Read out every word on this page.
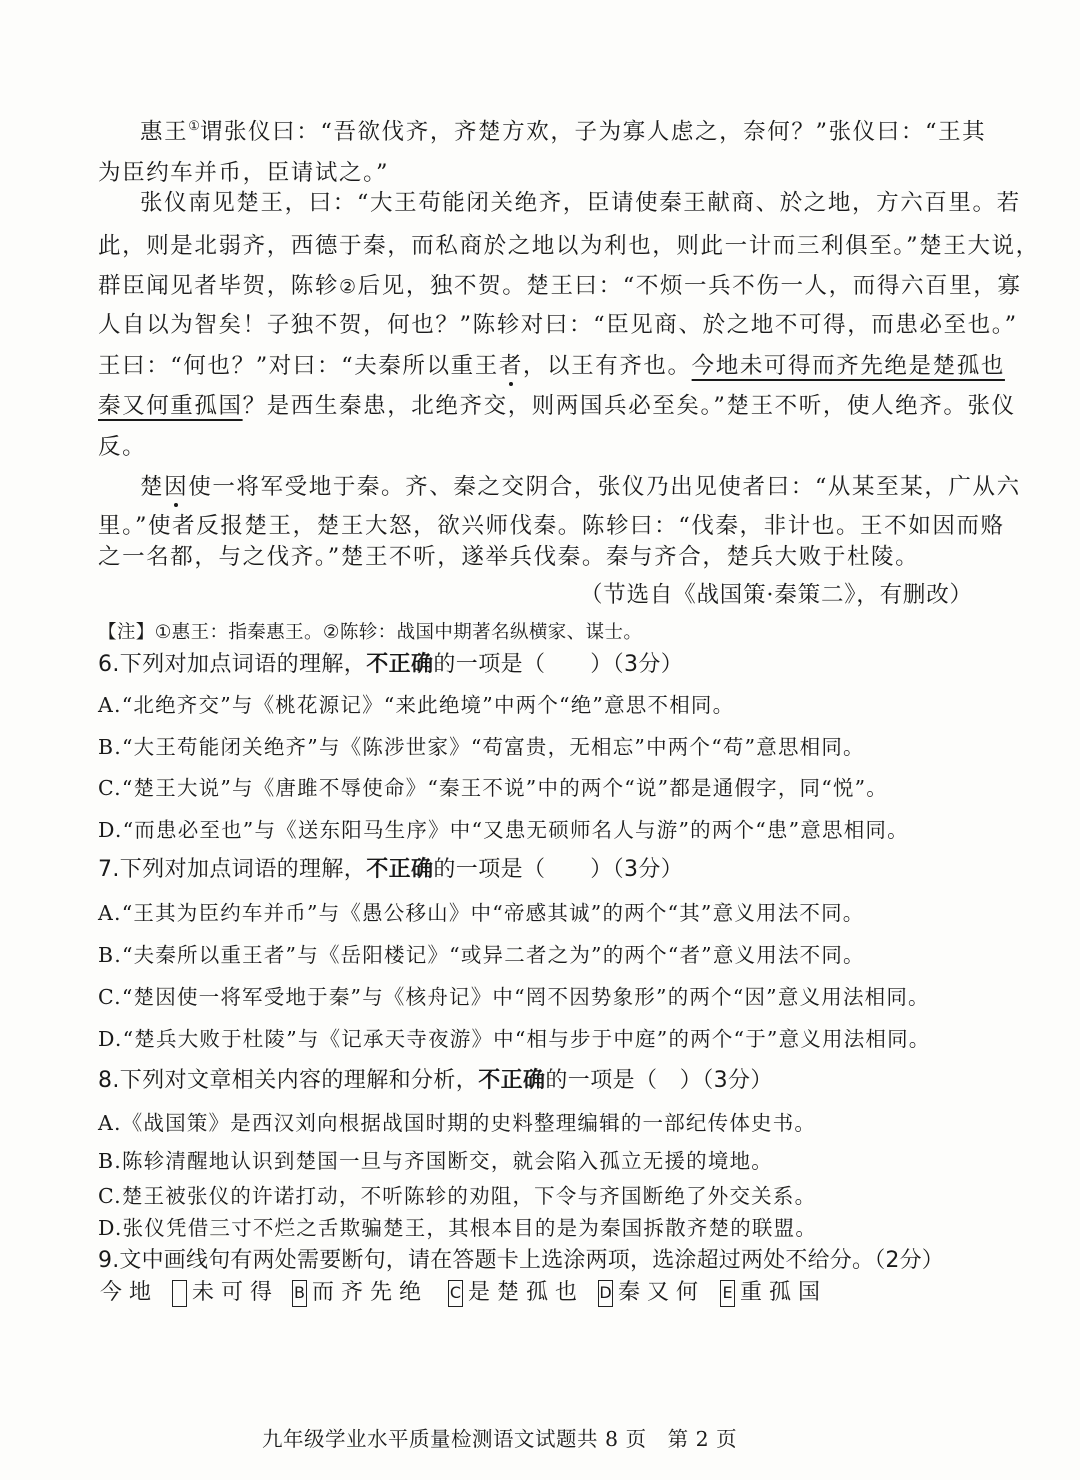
惠王①谓张仪曰：“吾欲伐齐，齐楚方欢，子为寡人虑之，奈何？”张仪曰：“王其
为臣约车并币，臣请试之。”
张仪南见楚王，曰：“大王苟能闭关绝齐，臣请使秦王献商、於之地，方六百里。若
此，则是北弱齐，西德于秦，而私商於之地以为利也，则此一计而三利俱至。”楚王大说，
群臣闻见者毕贺，陈轸②后见，独不贺。楚王曰：“不烦一兵不伤一人，而得六百里，寡
人自以为智矣！子独不贺，何也？”陈轸对曰：“臣见商、於之地不可得，而患必至也。”
王曰：“何也？”对曰：“夫秦所以重王者，以王有齐也。今地未可得而齐先绝是楚孤也
秦又何重孤国？是西生秦患，北绝齐交，则两国兵必至矣。”楚王不听，使人绝齐。张仪
反。
楚因使一将军受地于秦。齐、秦之交阴合，张仪乃出见使者曰：“从某至某，广从六
里。”使者反报楚王，楚王大怒，欲兴师伐秦。陈轸曰：“伐秦，非计也。王不如因而赂
之一名都，与之伐齐。”楚王不听，遂举兵伐秦。秦与齐合，楚兵大败于杜陵。
（节选自《战国策·秦策二》，有删改）
【注】①惠王：指秦惠王。②陈轸：战国中期著名纵横家、谋士。
6.下列对加点词语的理解，不正确的一项是（　　）（3分）
A.“北绝齐交”与《桃花源记》“来此绝境”中两个“绝”意思不相同。
B.“大王苟能闭关绝齐”与《陈涉世家》“苟富贵，无相忘”中两个“苟”意思相同。
C.“楚王大说”与《唐雎不辱使命》“秦王不说”中的两个“说”都是通假字，同“悦”。
D.“而患必至也”与《送东阳马生序》中“又患无硕师名人与游”的两个“患”意思相同。
7.下列对加点词语的理解，不正确的一项是（　　）（3分）
A.“王其为臣约车并币”与《愚公移山》中“帝感其诚”的两个“其”意义用法不同。
B.“夫秦所以重王者”与《岳阳楼记》“或异二者之为”的两个“者”意义用法不同。
C.“楚因使一将军受地于秦”与《核舟记》中“罔不因势象形”的两个“因”意义用法相同。
D.“楚兵大败于杜陵”与《记承天寺夜游》中“相与步于中庭”的两个“于”意义用法相同。
8.下列对文章相关内容的理解和分析，不正确的一项是（　）（3分）
A.《战国策》是西汉刘向根据战国时期的史料整理编辑的一部纪传体史书。
B.陈轸清醒地认识到楚国一旦与齐国断交，就会陷入孤立无援的境地。
C.楚王被张仪的许诺打动，不听陈轸的劝阻，下令与齐国断绝了外交关系。
D.张仪凭借三寸不烂之舌欺骗楚王，其根本目的是为秦国拆散齐楚的联盟。
9.文中画线句有两处需要断句，请在答题卡上选涂两项，选涂超过两处不给分。（2分）
今 地 未 可 得 B 而 齐 先 绝 C 是 楚 孤 也 D 秦 又 何 E 重 孤 国
九年级学业水平质量检测语文试题共 8 页　第 2 页
